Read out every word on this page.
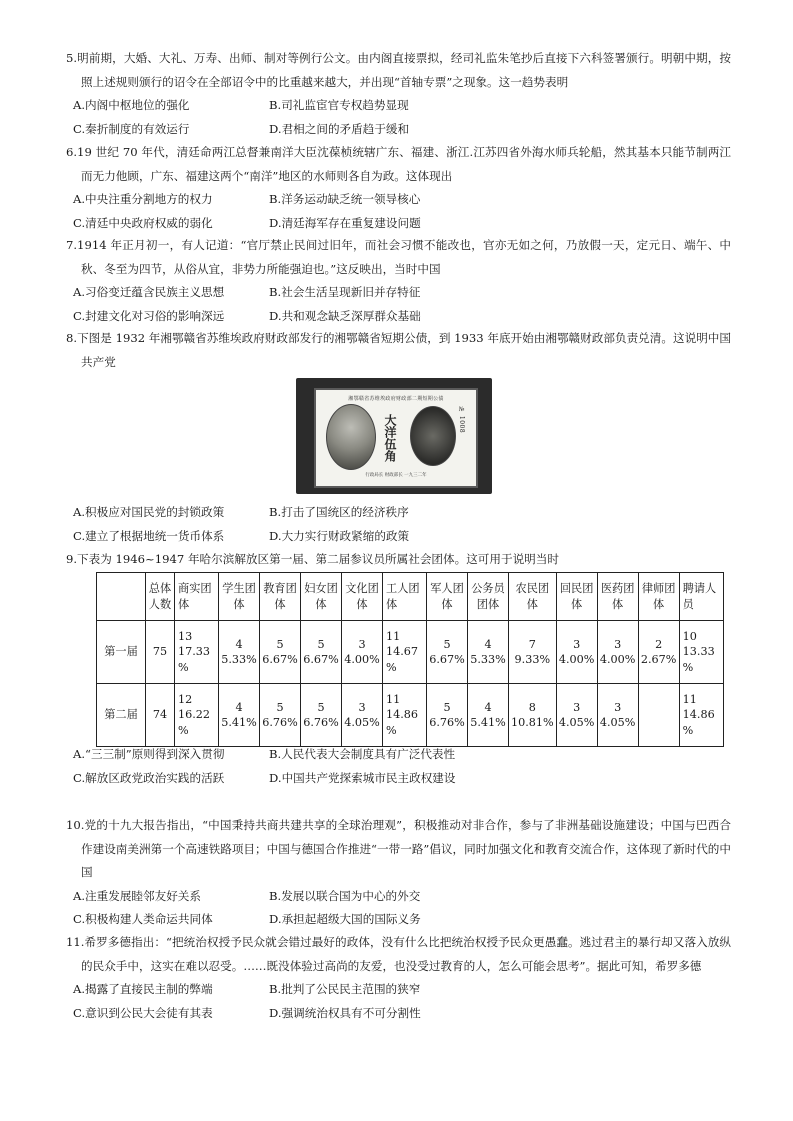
5.明前期，大婚、大礼、万寿、出师、制对等例行公文。由内阁直接票拟，经司礼监朱笔抄后直接下六科签署颁行。明朝中期，按照上述规则颁行的诏令在全部诏令中的比重越来越大，并出现“首轴专票”之现象。这一趋势表明

A.内阁中枢地位的强化	B.司礼监宦官专权趋势显现
C.秦折制度的有效运行	D.君相之间的矛盾趋于缓和

6.19 世纪 70 年代，清廷命两江总督兼南洋大臣沈葆桢统辖广东、福建、浙江.江苏四省外海水师兵轮船，然其基本只能节制两江而无力他顾，广东、福建这两个“南洋”地区的水师则各自为政。这体现出

A.中央注重分割地方的权力	B.洋务运动缺乏统一领导核心
C.清廷中央政府权威的弱化	D.清廷海军存在重复建设问题

7.1914 年正月初一，有人记道：“官厅禁止民间过旧年，而社会习惯不能改也，官亦无如之何，乃放假一天，定元日、端午、中秋、冬至为四节，从俗从宜，非势力所能强迫也。”这反映出，当时中国

A.习俗变迁蕴含民族主义思想	B.社会生活呈现新旧并存特征
C.封建文化对习俗的影响深远	D.共和观念缺乏深厚群众基础

8.下图是 1932 年湘鄂赣省苏维埃政府财政部发行的湘鄂赣省短期公债，到 1933 年底开始由湘鄂赣财政部负责兑清。这说明中国共产党

湘鄂赣省苏维埃政府财政部二期短期公债
大洋伍角	№ 1008
行政局长 财政部长 一九三二年
A.积极应对国民党的封锁政策	B.打击了国统区的经济秩序
C.建立了根据地统一货币体系	D.大力实行财政紧缩的政策

9.下表为 1946~1947 年哈尔滨解放区第一届、第二届参议员所属社会团体。这可用于说明当时

	总体人数	商实团体	学生团体	教育团体	妇女团体	文化团体	工人团体	军人团体	公务员团体	农民团体	回民团体	医药团体	律师团体	聘请人员
第一届	75	13 17.33 %	4 5.33%	5 6.67%	5 6.67%	3 4.00%	11 14.67 %	5 6.67%	4 5.33%	7 9.33%	3 4.00%	3 4.00%	2 2.67%	10 13.33 %
第二届	74	12 16.22 %	4 5.41%	5 6.76%	5 6.76%	3 4.05%	11 14.86 %	5 6.76%	4 5.41%	8 10.81%	3 4.05%	3 4.05%		11 14.86 %
A.“三三制”原则得到深入贯彻	B.人民代表大会制度具有广泛代表性
C.解放区政党政治实践的活跃	D.中国共产党探索城市民主政权建设

10.党的十九大报告指出，“中国秉持共商共建共享的全球治理观”，积极推动对非合作，参与了非洲基础设施建设；中国与巴西合作建设南美洲第一个高速铁路项目；中国与德国合作推进“一带一路”倡议，同时加强文化和教育交流合作，这体现了新时代的中国

A.注重发展睦邻友好关系	B.发展以联合国为中心的外交
C.积极构建人类命运共同体	D.承担起超级大国的国际义务

11.希罗多德指出：“把统治权授予民众就会错过最好的政体，没有什么比把统治权授予民众更愚蠢。逃过君主的暴行却又落入放纵的民众手中，这实在难以忍受。……既没体验过高尚的友爱，也没受过教育的人，怎么可能会思考”。据此可知，希罗多德

A.揭露了直接民主制的弊端	B.批判了公民民主范围的狭窄
C.意识到公民大会徒有其表	D.强调统治权具有不可分割性
